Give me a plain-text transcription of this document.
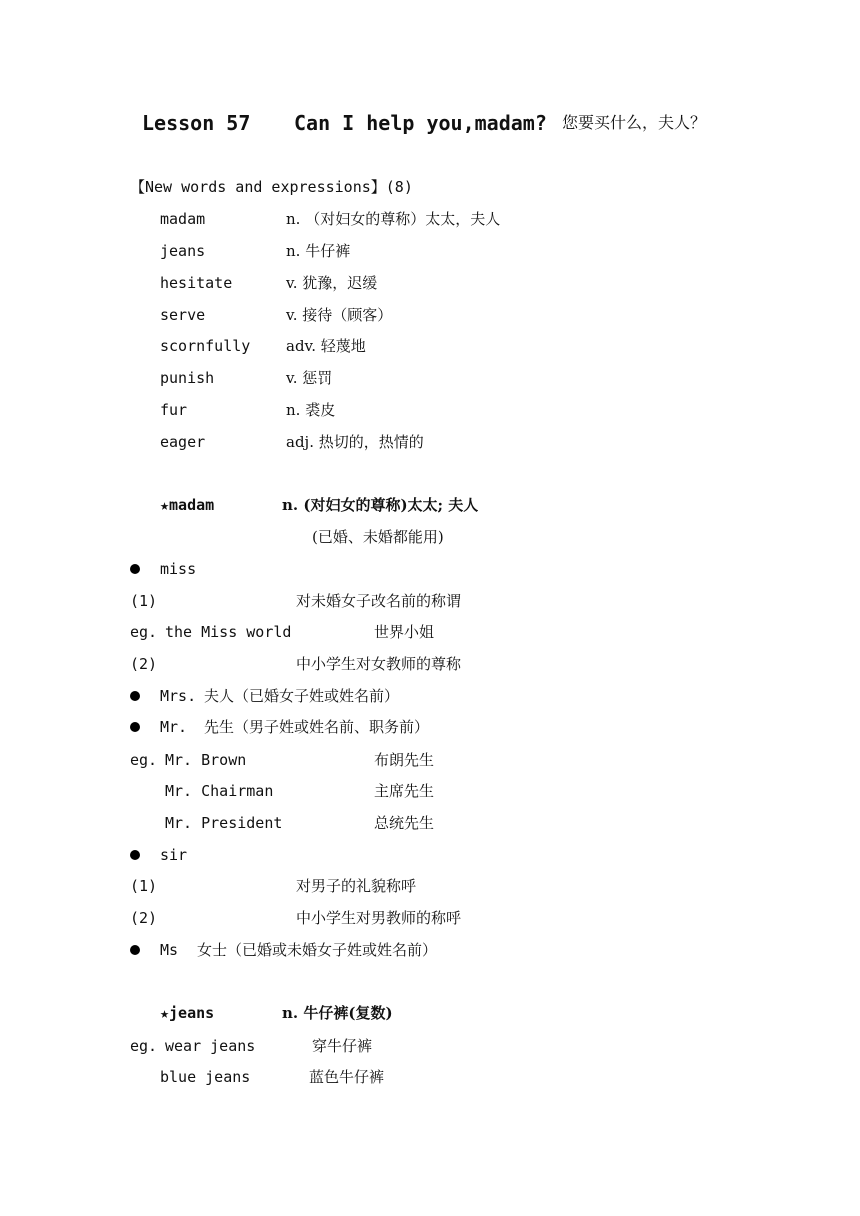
Lesson 57 Can I help you,madam? 您要买什么，夫人？
【New words and expressions】(8)
madam	n. （对妇女的尊称）太太，夫人
jeans	n. 牛仔裤
hesitate	v. 犹豫，迟缓
serve	v. 接待（顾客）
scornfully adv. 轻蔑地
punish	v. 惩罚
fur	n. 裘皮
eager	adj. 热切的，热情的
★madam	n. (对妇女的尊称)太太; 夫人
(已婚、未婚都能用)
miss
(1)	对未婚女子改名前的称谓
eg. the Miss world	世界小姐
(2)	中小学生对女教师的尊称
Mrs. 夫人（已婚女子姓或姓名前）
Mr. 先生（男子姓或姓名前、职务前）
eg. Mr. Brown	布朗先生
Mr. Chairman	主席先生
Mr. President	总统先生
sir
(1)	对男子的礼貌称呼
(2)	中小学生对男教师的称呼
Ms 女士（已婚或未婚女子姓或姓名前）
★jeans	n. 牛仔裤(复数)
eg. wear jeans	穿牛仔裤
blue jeans	蓝色牛仔裤
